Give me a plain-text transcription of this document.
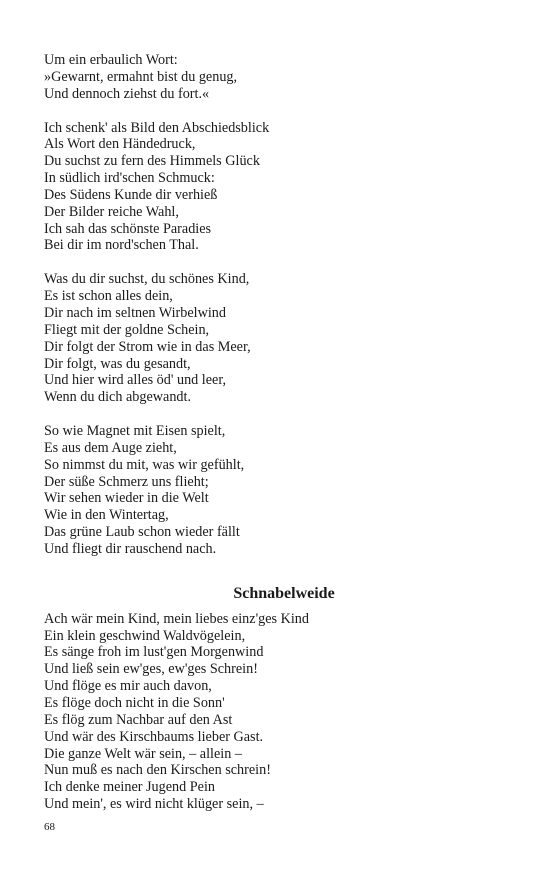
Um ein erbaulich Wort:
»Gewarnt, ermahnt bist du genug,
Und dennoch ziehst du fort.«
Ich schenk' als Bild den Abschiedsblick
Als Wort den Händedruck,
Du suchst zu fern des Himmels Glück
In südlich ird'schen Schmuck:
Des Südens Kunde dir verhieß
Der Bilder reiche Wahl,
Ich sah das schönste Paradies
Bei dir im nord'schen Thal.
Was du dir suchst, du schönes Kind,
Es ist schon alles dein,
Dir nach im seltnen Wirbelwind
Fliegt mit der goldne Schein,
Dir folgt der Strom wie in das Meer,
Dir folgt, was du gesandt,
Und hier wird alles öd' und leer,
Wenn du dich abgewandt.
So wie Magnet mit Eisen spielt,
Es aus dem Auge zieht,
So nimmst du mit, was wir gefühlt,
Der süße Schmerz uns flieht;
Wir sehen wieder in die Welt
Wie in den Wintertag,
Das grüne Laub schon wieder fällt
Und fliegt dir rauschend nach.
Schnabelweide
Ach wär mein Kind, mein liebes einz'ges Kind
Ein klein geschwind Waldvögelein,
Es sänge froh im lust'gen Morgenwind
Und ließ sein ew'ges, ew'ges Schrein!
Und flöge es mir auch davon,
Es flöge doch nicht in die Sonn'
Es flög zum Nachbar auf den Ast
Und wär des Kirschbaums lieber Gast.
Die ganze Welt wär sein, – allein –
Nun muß es nach den Kirschen schrein!
Ich denke meiner Jugend Pein
Und mein', es wird nicht klüger sein, –
68
